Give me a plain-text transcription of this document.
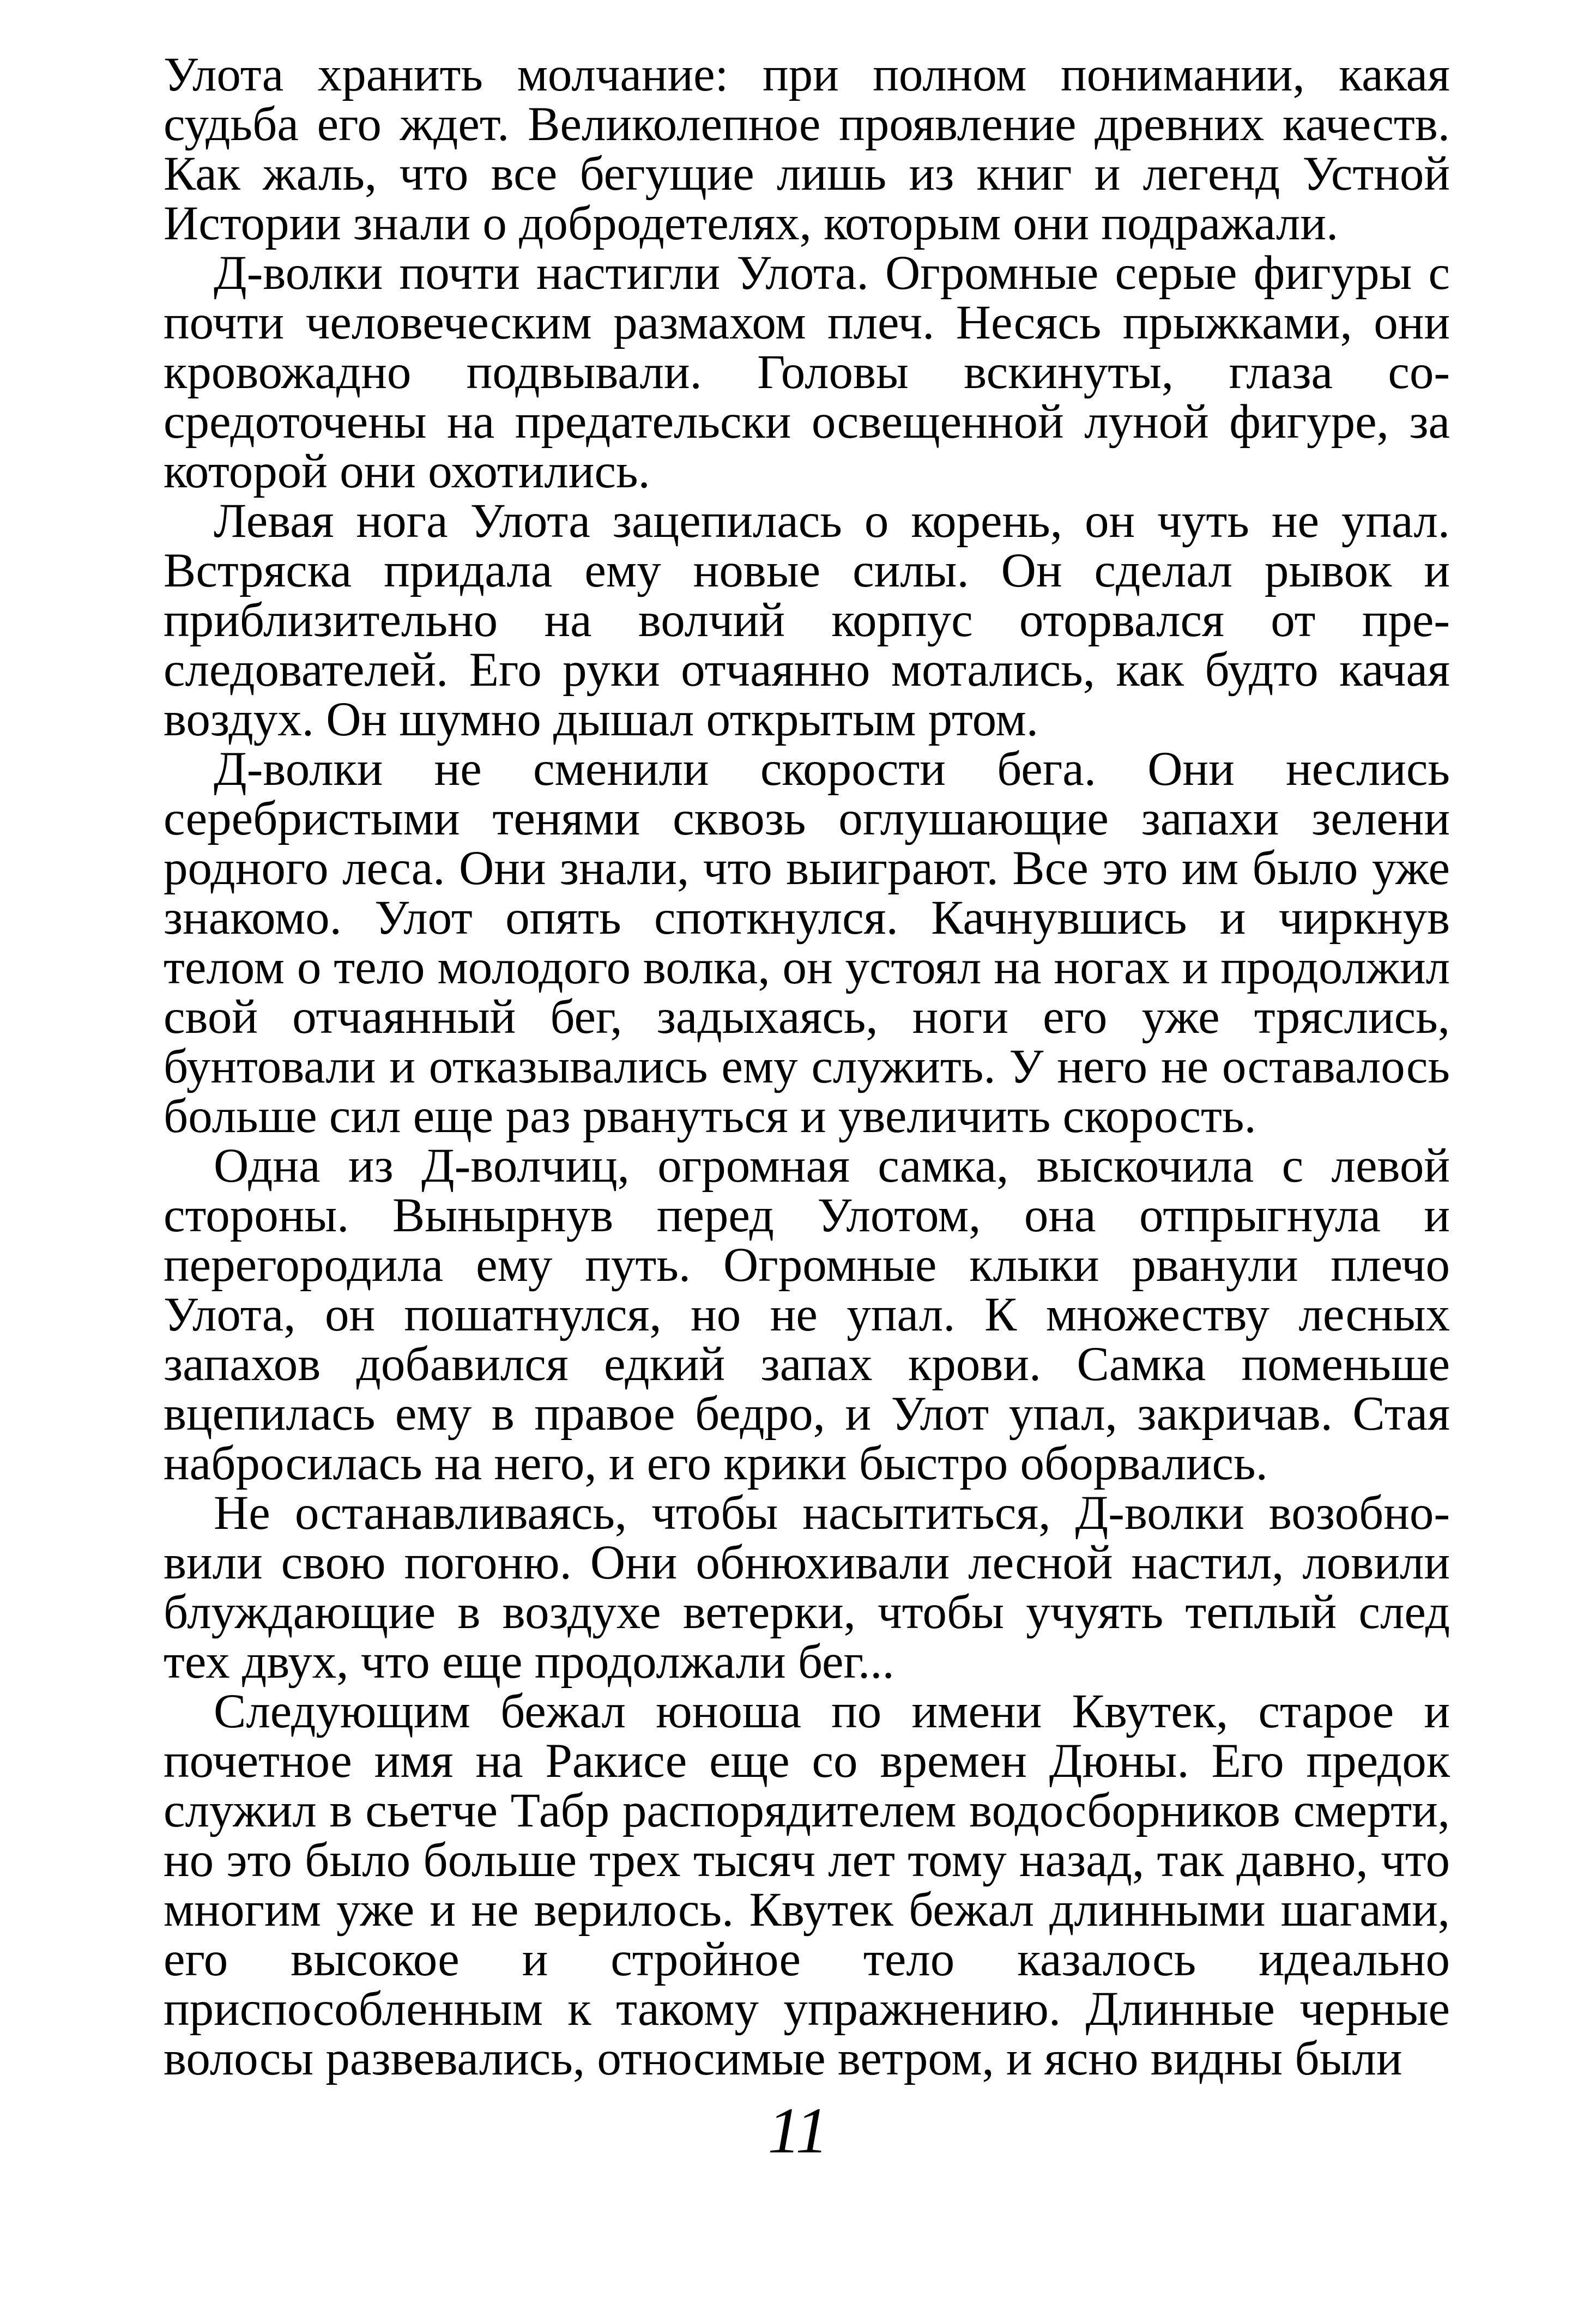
Улота хранить молчание: при полном понимании, какая судьба его ждет. Великолепное проявление древних качеств. Как жаль, что все бегущие лишь из книг и легенд Устной Истории знали о добродетелях, которым они подражали.

Д-волки почти настигли Улота. Огромные серые фигуры с почти человеческим размахом плеч. Несясь прыжками, они кровожадно подвывали. Головы вскинуты, глаза сосредоточены на предательски освещенной луной фигуре, за которой они охотились.

Левая нога Улота зацепилась о корень, он чуть не упал. Встряска придала ему новые силы. Он сделал рывок и приблизительно на волчий корпус оторвался от преследователей. Его руки отчаянно мотались, как будто качая воздух. Он шумно дышал открытым ртом.

Д-волки не сменили скорости бега. Они неслись серебристыми тенями сквозь оглушающие запахи зелени родного леса. Они знали, что выиграют. Все это им было уже знакомо. Улот опять споткнулся. Качнувшись и чиркнув телом о тело молодого волка, он устоял на ногах и продолжил свой отчаянный бег, задыхаясь, ноги его уже тряслись, бунтовали и отказывались ему служить. У него не оставалось больше сил еще раз рвануться и увеличить скорость.

Одна из Д-волчиц, огромная самка, выскочила с левой стороны. Вынырнув перед Улотом, она отпрыгнула и перегородила ему путь. Огромные клыки рванули плечо Улота, он пошатнулся, но не упал. К множеству лесных запахов добавился едкий запах крови. Самка поменьше вцепилась ему в правое бедро, и Улот упал, закричав. Стая набросилась на него, и его крики быстро оборвались.

Не останавливаясь, чтобы насытиться, Д-волки возобновили свою погоню. Они обнюхивали лесной настил, ловили блуждающие в воздухе ветерки, чтобы учуять теплый след тех двух, что еще продолжали бег...

Следующим бежал юноша по имени Квутек, старое и почетное имя на Ракисе еще со времен Дюны. Его предок служил в сьетче Табр распорядителем водосборников смерти, но это было больше трех тысяч лет тому назад, так давно, что многим уже и не верилось. Квутек бежал длинными шагами, его высокое и стройное тело казалось идеально приспособленным к такому упражнению. Длинные черные волосы развевались, относимые ветром, и ясно видны были

11
